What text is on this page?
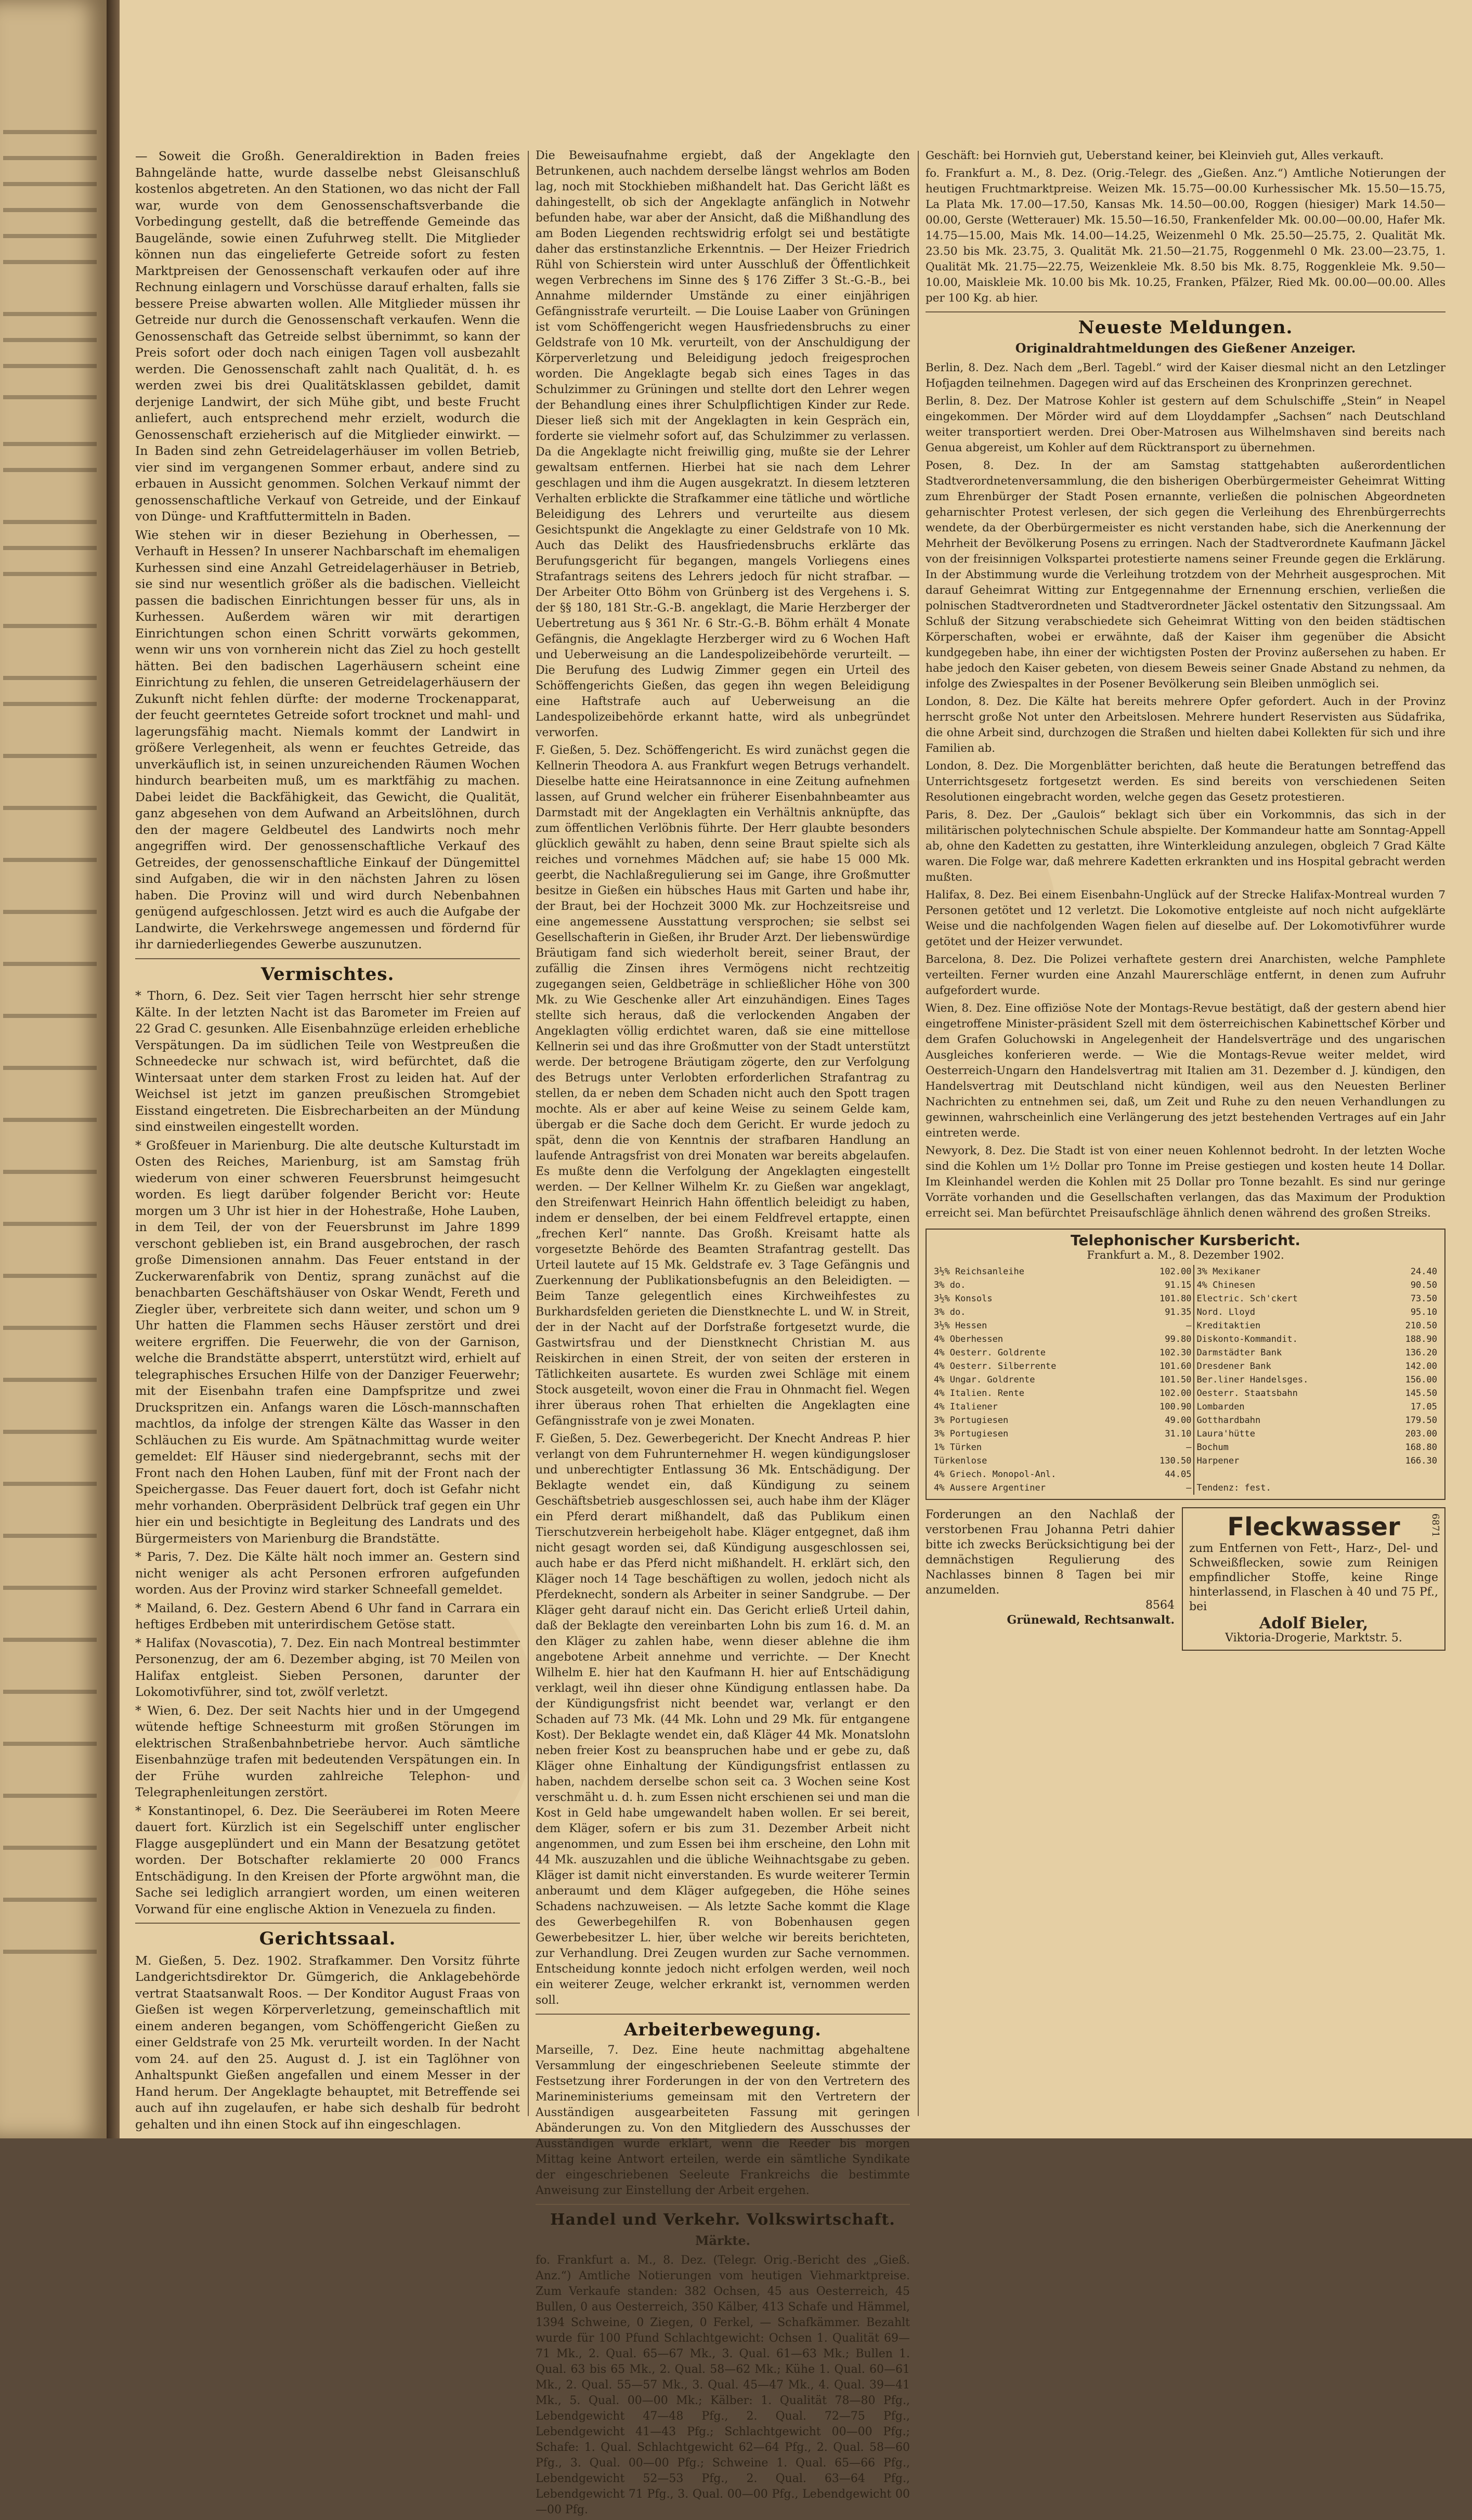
— Soweit die Großh. Generaldirektion in Baden freies Bahngelände hatte, wurde dasselbe nebst Gleisanschluß kostenlos abgetreten. An den Stationen, wo das nicht der Fall war, wurde von dem Genossenschaftsverbande die Vorbedingung gestellt, daß die betreffende Gemeinde das Baugelände, sowie einen Zufuhrweg stellt. Die Mitglieder können nun das eingelieferte Getreide sofort zu festen Marktpreisen der Genossenschaft verkaufen oder auf ihre Rechnung einlagern und Vorschüsse darauf erhalten, falls sie bessere Preise abwarten wollen. Alle Mitglieder müssen ihr Getreide nur durch die Genossenschaft verkaufen. Wenn die Genossenschaft das Getreide selbst übernimmt, so kann der Preis sofort oder doch nach einigen Tagen voll ausbezahlt werden. Die Genossenschaft zahlt nach Qualität, d. h. es werden zwei bis drei Qualitätsklassen gebildet, damit derjenige Landwirt, der sich Mühe gibt, und beste Frucht anliefert, auch entsprechend mehr erzielt, wodurch die Genossenschaft erzieherisch auf die Mitglieder einwirkt. — In Baden sind zehn Getreidelagerhäuser im vollen Betrieb, vier sind im vergangenen Sommer erbaut, andere sind zu erbauen in Aussicht genommen. Solchen Verkauf nimmt der genossenschaftliche Verkauf von Getreide, und der Einkauf von Dünge- und Kraftfuttermitteln in Baden.

Wie stehen wir in dieser Beziehung in Oberhessen, — Verhauft in Hessen? In unserer Nachbarschaft im ehemaligen Kurhessen sind eine Anzahl Getreidelagerhäuser in Betrieb, sie sind nur wesentlich größer als die badischen. Vielleicht passen die badischen Einrichtungen besser für uns, als in Kurhessen. Außerdem wären wir mit derartigen Einrichtungen schon einen Schritt vorwärts gekommen, wenn wir uns von vornherein nicht das Ziel zu hoch gestellt hätten. Bei den badischen Lagerhäusern scheint eine Einrichtung zu fehlen, die unseren Getreidelagerhäusern der Zukunft nicht fehlen dürfte: der moderne Trockenapparat, der feucht geerntetes Getreide sofort trocknet und mahl- und lagerungsfähig macht. Niemals kommt der Landwirt in größere Verlegenheit, als wenn er feuchtes Getreide, das unverkäuflich ist, in seinen unzureichenden Räumen Wochen hindurch bearbeiten muß, um es marktfähig zu machen. Dabei leidet die Backfähigkeit, das Gewicht, die Qualität, ganz abgesehen von dem Aufwand an Arbeitslöhnen, durch den der magere Geldbeutel des Landwirts noch mehr angegriffen wird. Der genossenschaftliche Verkauf des Getreides, der genossenschaftliche Einkauf der Düngemittel sind Aufgaben, die wir in den nächsten Jahren zu lösen haben. Die Provinz will und wird durch Nebenbahnen genügend aufgeschlossen. Jetzt wird es auch die Aufgabe der Landwirte, die Verkehrswege angemessen und fördernd für ihr darniederliegendes Gewerbe auszunutzen.

Vermischtes.

* Thorn, 6. Dez. Seit vier Tagen herrscht hier sehr strenge Kälte. In der letzten Nacht ist das Barometer im Freien auf 22 Grad C. gesunken. Alle Eisenbahnzüge erleiden erhebliche Verspätungen. Da im südlichen Teile von Westpreußen die Schneedecke nur schwach ist, wird befürchtet, daß die Wintersaat unter dem starken Frost zu leiden hat. Auf der Weichsel ist jetzt im ganzen preußischen Stromgebiet Eisstand eingetreten. Die Eisbrecharbeiten an der Mündung sind einstweilen eingestellt worden.

* Großfeuer in Marienburg. Die alte deutsche Kulturstadt im Osten des Reiches, Marienburg, ist am Samstag früh wiederum von einer schweren Feuersbrunst heimgesucht worden. Es liegt darüber folgender Bericht vor: Heute morgen um 3 Uhr ist hier in der Hohestraße, Hohe Lauben, in dem Teil, der von der Feuersbrunst im Jahre 1899 verschont geblieben ist, ein Brand ausgebrochen, der rasch große Dimensionen annahm. Das Feuer entstand in der Zuckerwarenfabrik von Dentiz, sprang zunächst auf die benachbarten Geschäftshäuser von Oskar Wendt, Fereth und Ziegler über, verbreitete sich dann weiter, und schon um 9 Uhr hatten die Flammen sechs Häuser zerstört und drei weitere ergriffen. Die Feuerwehr, die von der Garnison, welche die Brandstätte absperrt, unterstützt wird, erhielt auf telegraphisches Ersuchen Hilfe von der Danziger Feuerwehr; mit der Eisenbahn trafen eine Dampfspritze und zwei Druckspritzen ein. Anfangs waren die Lösch-mannschaften machtlos, da infolge der strengen Kälte das Wasser in den Schläuchen zu Eis wurde. Am Spätnachmittag wurde weiter gemeldet: Elf Häuser sind niedergebrannt, sechs mit der Front nach den Hohen Lauben, fünf mit der Front nach der Speichergasse. Das Feuer dauert fort, doch ist Gefahr nicht mehr vorhanden. Oberpräsident Delbrück traf gegen ein Uhr hier ein und besichtigte in Begleitung des Landrats und des Bürgermeisters von Marienburg die Brandstätte.

* Paris, 7. Dez. Die Kälte hält noch immer an. Gestern sind nicht weniger als acht Personen erfroren aufgefunden worden. Aus der Provinz wird starker Schneefall gemeldet.

* Mailand, 6. Dez. Gestern Abend 6 Uhr fand in Carrara ein heftiges Erdbeben mit unterirdischem Getöse statt.

* Halifax (Novascotia), 7. Dez. Ein nach Montreal bestimmter Personenzug, der am 6. Dezember abging, ist 70 Meilen von Halifax entgleist. Sieben Personen, darunter der Lokomotivführer, sind tot, zwölf verletzt.

* Wien, 6. Dez. Der seit Nachts hier und in der Umgegend wütende heftige Schneesturm mit großen Störungen im elektrischen Straßenbahnbetriebe hervor. Auch sämtliche Eisenbahnzüge trafen mit bedeutenden Verspätungen ein. In der Frühe wurden zahlreiche Telephon- und Telegraphenleitungen zerstört.

* Konstantinopel, 6. Dez. Die Seeräuberei im Roten Meere dauert fort. Kürzlich ist ein Segelschiff unter englischer Flagge ausgeplündert und ein Mann der Besatzung getötet worden. Der Botschafter reklamierte 20 000 Francs Entschädigung. In den Kreisen der Pforte argwöhnt man, die Sache sei lediglich arrangiert worden, um einen weiteren Vorwand für eine englische Aktion in Venezuela zu finden.

Gerichtssaal.

M. Gießen, 5. Dez. 1902. Strafkammer. Den Vorsitz führte Landgerichtsdirektor Dr. Gümgerich, die Anklagebehörde vertrat Staatsanwalt Roos. — Der Konditor August Fraas von Gießen ist wegen Körperverletzung, gemeinschaftlich mit einem anderen begangen, vom Schöffengericht Gießen zu einer Geldstrafe von 25 Mk. verurteilt worden. In der Nacht vom 24. auf den 25. August d. J. ist ein Taglöhner von Anhaltspunkt Gießen angefallen und einem Messer in der Hand herum. Der Angeklagte behauptet, mit Betreffende sei auch auf ihn zugelaufen, er habe sich deshalb für bedroht gehalten und ihn einen Stock auf ihn eingeschlagen.

Die Beweisaufnahme ergiebt, daß der Angeklagte den Betrunkenen, auch nachdem derselbe längst wehrlos am Boden lag, noch mit Stockhieben mißhandelt hat. Das Gericht läßt es dahingestellt, ob sich der Angeklagte anfänglich in Notwehr befunden habe, war aber der Ansicht, daß die Mißhandlung des am Boden Liegenden rechtswidrig erfolgt sei und bestätigte daher das erstinstanzliche Erkenntnis. — Der Heizer Friedrich Rühl von Schierstein wird unter Ausschluß der Öffentlichkeit wegen Verbrechens im Sinne des § 176 Ziffer 3 St.-G.-B., bei Annahme mildernder Umstände zu einer einjährigen Gefängnisstrafe verurteilt. — Die Louise Laaber von Grüningen ist vom Schöffengericht wegen Hausfriedensbruchs zu einer Geldstrafe von 10 Mk. verurteilt, von der Anschuldigung der Körperverletzung und Beleidigung jedoch freigesprochen worden. Die Angeklagte begab sich eines Tages in das Schulzimmer zu Grüningen und stellte dort den Lehrer wegen der Behandlung eines ihrer Schulpflichtigen Kinder zur Rede. Dieser ließ sich mit der Angeklagten in kein Gespräch ein, forderte sie vielmehr sofort auf, das Schulzimmer zu verlassen. Da die Angeklagte nicht freiwillig ging, mußte sie der Lehrer gewaltsam entfernen. Hierbei hat sie nach dem Lehrer geschlagen und ihm die Augen ausgekratzt. In diesem letzteren Verhalten erblickte die Strafkammer eine tätliche und wörtliche Beleidigung des Lehrers und verurteilte aus diesem Gesichtspunkt die Angeklagte zu einer Geldstrafe von 10 Mk. Auch das Delikt des Hausfriedensbruchs erklärte das Berufungsgericht für begangen, mangels Vorliegens eines Strafantrags seitens des Lehrers jedoch für nicht strafbar. — Der Arbeiter Otto Böhm von Grünberg ist des Vergehens i. S. der §§ 180, 181 Str.-G.-B. angeklagt, die Marie Herzberger der Uebertretung aus § 361 Nr. 6 Str.-G.-B. Böhm erhält 4 Monate Gefängnis, die Angeklagte Herzberger wird zu 6 Wochen Haft und Ueberweisung an die Landespolizeibehörde verurteilt. — Die Berufung des Ludwig Zimmer gegen ein Urteil des Schöffengerichts Gießen, das gegen ihn wegen Beleidigung eine Haftstrafe auch auf Ueberweisung an die Landespolizeibehörde erkannt hatte, wird als unbegründet verworfen.

F. Gießen, 5. Dez. Schöffengericht. Es wird zunächst gegen die Kellnerin Theodora A. aus Frankfurt wegen Betrugs verhandelt. Dieselbe hatte eine Heiratsannonce in eine Zeitung aufnehmen lassen, auf Grund welcher ein früherer Eisenbahnbeamter aus Darmstadt mit der Angeklagten ein Verhältnis anknüpfte, das zum öffentlichen Verlöbnis führte. Der Herr glaubte besonders glücklich gewählt zu haben, denn seine Braut spielte sich als reiches und vornehmes Mädchen auf; sie habe 15 000 Mk. geerbt, die Nachlaßregulierung sei im Gange, ihre Großmutter besitze in Gießen ein hübsches Haus mit Garten und habe ihr, der Braut, bei der Hochzeit 3000 Mk. zur Hochzeitsreise und eine angemessene Ausstattung versprochen; sie selbst sei Gesellschafterin in Gießen, ihr Bruder Arzt. Der liebenswürdige Bräutigam fand sich wiederholt bereit, seiner Braut, der zufällig die Zinsen ihres Vermögens nicht rechtzeitig zugegangen seien, Geldbeträge in schließlicher Höhe von 300 Mk. zu Wie Geschenke aller Art einzuhändigen. Eines Tages stellte sich heraus, daß die verlockenden Angaben der Angeklagten völlig erdichtet waren, daß sie eine mittellose Kellnerin sei und das ihre Großmutter von der Stadt unterstützt werde. Der betrogene Bräutigam zögerte, den zur Verfolgung des Betrugs unter Verlobten erforderlichen Strafantrag zu stellen, da er neben dem Schaden nicht auch den Spott tragen mochte. Als er aber auf keine Weise zu seinem Gelde kam, übergab er die Sache doch dem Gericht. Er wurde jedoch zu spät, denn die von Kenntnis der strafbaren Handlung an laufende Antragsfrist von drei Monaten war bereits abgelaufen. Es mußte denn die Verfolgung der Angeklagten eingestellt werden. — Der Kellner Wilhelm Kr. zu Gießen war angeklagt, den Streifenwart Heinrich Hahn öffentlich beleidigt zu haben, indem er denselben, der bei einem Feldfrevel ertappte, einen „frechen Kerl“ nannte. Das Großh. Kreisamt hatte als vorgesetzte Behörde des Beamten Strafantrag gestellt. Das Urteil lautete auf 15 Mk. Geldstrafe ev. 3 Tage Gefängnis und Zuerkennung der Publikationsbefugnis an den Beleidigten. — Beim Tanze gelegentlich eines Kirchweihfestes zu Burkhardsfelden gerieten die Dienstknechte L. und W. in Streit, der in der Nacht auf der Dorfstraße fortgesetzt wurde, die Gastwirtsfrau und der Dienstknecht Christian M. aus Reiskirchen in einen Streit, der von seiten der ersteren in Tätlichkeiten ausartete. Es wurden zwei Schläge mit einem Stock ausgeteilt, wovon einer die Frau in Ohnmacht fiel. Wegen ihrer überaus rohen That erhielten die Angeklagten eine Gefängnisstrafe von je zwei Monaten.

F. Gießen, 5. Dez. Gewerbegericht. Der Knecht Andreas P. hier verlangt von dem Fuhrunternehmer H. wegen kündigungsloser und unberechtigter Entlassung 36 Mk. Entschädigung. Der Beklagte wendet ein, daß Kündigung zu seinem Geschäftsbetrieb ausgeschlossen sei, auch habe ihm der Kläger ein Pferd derart mißhandelt, daß das Publikum einen Tierschutzverein herbeigeholt habe. Kläger entgegnet, daß ihm nicht gesagt worden sei, daß Kündigung ausgeschlossen sei, auch habe er das Pferd nicht mißhandelt. H. erklärt sich, den Kläger noch 14 Tage beschäftigen zu wollen, jedoch nicht als Pferdeknecht, sondern als Arbeiter in seiner Sandgrube. — Der Kläger geht darauf nicht ein. Das Gericht erließ Urteil dahin, daß der Beklagte den vereinbarten Lohn bis zum 16. d. M. an den Kläger zu zahlen habe, wenn dieser ablehne die ihm angebotene Arbeit annehme und verrichte. — Der Knecht Wilhelm E. hier hat den Kaufmann H. hier auf Entschädigung verklagt, weil ihn dieser ohne Kündigung entlassen habe. Da der Kündigungsfrist nicht beendet war, verlangt er den Schaden auf 73 Mk. (44 Mk. Lohn und 29 Mk. für entgangene Kost). Der Beklagte wendet ein, daß Kläger 44 Mk. Monatslohn neben freier Kost zu beanspruchen habe und er gebe zu, daß Kläger ohne Einhaltung der Kündigungsfrist entlassen zu haben, nachdem derselbe schon seit ca. 3 Wochen seine Kost verschmäht u. d. h. zum Essen nicht erschienen sei und man die Kost in Geld habe umgewandelt haben wollen. Er sei bereit, dem Kläger, sofern er bis zum 31. Dezember Arbeit nicht angenommen, und zum Essen bei ihm erscheine, den Lohn mit 44 Mk. auszuzahlen und die übliche Weihnachtsgabe zu geben. Kläger ist damit nicht einverstanden. Es wurde weiterer Termin anberaumt und dem Kläger aufgegeben, die Höhe seines Schadens nachzuweisen. — Als letzte Sache kommt die Klage des Gewerbegehilfen R. von Bobenhausen gegen Gewerbebesitzer L. hier, über welche wir bereits berichteten, zur Verhandlung. Drei Zeugen wurden zur Sache vernommen. Entscheidung konnte jedoch nicht erfolgen werden, weil noch ein weiterer Zeuge, welcher erkrankt ist, vernommen werden soll.

Arbeiterbewegung.

Marseille, 7. Dez. Eine heute nachmittag abgehaltene Versammlung der eingeschriebenen Seeleute stimmte der Festsetzung ihrer Forderungen in der von den Vertretern des Marineministeriums gemeinsam mit den Vertretern der Ausständigen ausgearbeiteten Fassung mit geringen Abänderungen zu. Von den Mitgliedern des Ausschusses der Ausständigen wurde erklärt, wenn die Reeder bis morgen Mittag keine Antwort erteilen, werde ein sämtliche Syndikate der eingeschriebenen Seeleute Frankreichs die bestimmte Anweisung zur Einstellung der Arbeit ergehen.

Handel und Verkehr. Volkswirtschaft.
Märkte.

fo. Frankfurt a. M., 8. Dez. (Telegr. Orig.-Bericht des „Gieß. Anz.“) Amtliche Notierungen vom heutigen Viehmarktpreise. Zum Verkaufe standen: 382 Ochsen, 45 aus Oesterreich, 45 Bullen, 0 aus Oesterreich, 350 Kälber, 413 Schafe und Hämmel, 1394 Schweine, 0 Ziegen, 0 Ferkel, — Schafkämmer. Bezahlt wurde für 100 Pfund Schlachtgewicht: Ochsen 1. Qualität 69—71 Mk., 2. Qual. 65—67 Mk., 3. Qual. 61—63 Mk.; Bullen 1. Qual. 63 bis 65 Mk., 2. Qual. 58—62 Mk.; Kühe 1. Qual. 60—61 Mk., 2. Qual. 55—57 Mk., 3. Qual. 45—47 Mk., 4. Qual. 39—41 Mk., 5. Qual. 00—00 Mk.; Kälber: 1. Qualität 78—80 Pfg., Lebendgewicht 47—48 Pfg., 2. Qual. 72—75 Pfg., Lebendgewicht 41—43 Pfg.; Schlachtgewicht 00—00 Pfg.; Schafe: 1. Qual. Schlachtgewicht 62—64 Pfg., 2. Qual. 58—60 Pfg., 3. Qual. 00—00 Pfg.; Schweine 1. Qual. 65—66 Pfg., Lebendgewicht 52—53 Pfg., 2. Qual. 63—64 Pfg., Lebendgewicht 71 Pfg., 3. Qual. 00—00 Pfg., Lebendgewicht 00—00 Pfg.

Geschäft: bei Hornvieh gut, Ueberstand keiner, bei Kleinvieh gut, Alles verkauft.

fo. Frankfurt a. M., 8. Dez. (Orig.-Telegr. des „Gießen. Anz.“) Amtliche Notierungen der heutigen Fruchtmarktpreise. Weizen Mk. 15.75—00.00 Kurhessischer Mk. 15.50—15.75, La Plata Mk. 17.00—17.50, Kansas Mk. 14.50—00.00, Roggen (hiesiger) Mark 14.50—00.00, Gerste (Wetterauer) Mk. 15.50—16.50, Frankenfelder Mk. 00.00—00.00, Hafer Mk. 14.75—15.00, Mais Mk. 14.00—14.25, Weizenmehl 0 Mk. 25.50—25.75, 2. Qualität Mk. 23.50 bis Mk. 23.75, 3. Qualität Mk. 21.50—21.75, Roggenmehl 0 Mk. 23.00—23.75, 1. Qualität Mk. 21.75—22.75, Weizenkleie Mk. 8.50 bis Mk. 8.75, Roggenkleie Mk. 9.50—10.00, Maiskleie Mk. 10.00 bis Mk. 10.25, Franken, Pfälzer, Ried Mk. 00.00—00.00. Alles per 100 Kg. ab hier.

Neueste Meldungen.
Originaldrahtmeldungen des Gießener Anzeiger.

Berlin, 8. Dez. Nach dem „Berl. Tagebl.“ wird der Kaiser diesmal nicht an den Letzlinger Hofjagden teilnehmen. Dagegen wird auf das Erscheinen des Kronprinzen gerechnet.

Berlin, 8. Dez. Der Matrose Kohler ist gestern auf dem Schulschiffe „Stein“ in Neapel eingekommen. Der Mörder wird auf dem Lloyddampfer „Sachsen“ nach Deutschland weiter transportiert werden. Drei Ober-Matrosen aus Wilhelmshaven sind bereits nach Genua abgereist, um Kohler auf dem Rücktransport zu übernehmen.

Posen, 8. Dez. In der am Samstag stattgehabten außerordentlichen Stadtverordnetenversammlung, die den bisherigen Oberbürgermeister Geheimrat Witting zum Ehrenbürger der Stadt Posen ernannte, verließen die polnischen Abgeordneten geharnischter Protest verlesen, der sich gegen die Verleihung des Ehrenbürgerrechts wendete, da der Oberbürgermeister es nicht verstanden habe, sich die Anerkennung der Mehrheit der Bevölkerung Posens zu erringen. Nach der Stadtverordnete Kaufmann Jäckel von der freisinnigen Volkspartei protestierte namens seiner Freunde gegen die Erklärung. In der Abstimmung wurde die Verleihung trotzdem von der Mehrheit ausgesprochen. Mit darauf Geheimrat Witting zur Entgegennahme der Ernennung erschien, verließen die polnischen Stadtverordneten und Stadtverordneter Jäckel ostentativ den Sitzungssaal. Am Schluß der Sitzung verabschiedete sich Geheimrat Witting von den beiden städtischen Körperschaften, wobei er erwähnte, daß der Kaiser ihm gegenüber die Absicht kundgegeben habe, ihn einer der wichtigsten Posten der Provinz außersehen zu haben. Er habe jedoch den Kaiser gebeten, von diesem Beweis seiner Gnade Abstand zu nehmen, da infolge des Zwiespaltes in der Posener Bevölkerung sein Bleiben unmöglich sei.

London, 8. Dez. Die Kälte hat bereits mehrere Opfer gefordert. Auch in der Provinz herrscht große Not unter den Arbeitslosen. Mehrere hundert Reservisten aus Südafrika, die ohne Arbeit sind, durchzogen die Straßen und hielten dabei Kollekten für sich und ihre Familien ab.

London, 8. Dez. Die Morgenblätter berichten, daß heute die Beratungen betreffend das Unterrichtsgesetz fortgesetzt werden. Es sind bereits von verschiedenen Seiten Resolutionen eingebracht worden, welche gegen das Gesetz protestieren.

Paris, 8. Dez. Der „Gaulois“ beklagt sich über ein Vorkommnis, das sich in der militärischen polytechnischen Schule abspielte. Der Kommandeur hatte am Sonntag-Appell ab, ohne den Kadetten zu gestatten, ihre Winterkleidung anzulegen, obgleich 7 Grad Kälte waren. Die Folge war, daß mehrere Kadetten erkrankten und ins Hospital gebracht werden mußten.

Halifax, 8. Dez. Bei einem Eisenbahn-Unglück auf der Strecke Halifax-Montreal wurden 7 Personen getötet und 12 verletzt. Die Lokomotive entgleiste auf noch nicht aufgeklärte Weise und die nachfolgenden Wagen fielen auf dieselbe auf. Der Lokomotivführer wurde getötet und der Heizer verwundet.

Barcelona, 8. Dez. Die Polizei verhaftete gestern drei Anarchisten, welche Pamphlete verteilten. Ferner wurden eine Anzahl Maurerschläge entfernt, in denen zum Aufruhr aufgefordert wurde.

Wien, 8. Dez. Eine offiziöse Note der Montags-Revue bestätigt, daß der gestern abend hier eingetroffene Minister-präsident Szell mit dem österreichischen Kabinettschef Körber und dem Grafen Goluchowski in Angelegenheit der Handelsverträge und des ungarischen Ausgleiches konferieren werde. — Wie die Montags-Revue weiter meldet, wird Oesterreich-Ungarn den Handelsvertrag mit Italien am 31. Dezember d. J. kündigen, den Handelsvertrag mit Deutschland nicht kündigen, weil aus den Neuesten Berliner Nachrichten zu entnehmen sei, daß, um Zeit und Ruhe zu den neuen Verhandlungen zu gewinnen, wahrscheinlich eine Verlängerung des jetzt bestehenden Vertrages auf ein Jahr eintreten werde.

Newyork, 8. Dez. Die Stadt ist von einer neuen Kohlennot bedroht. In der letzten Woche sind die Kohlen um 1½ Dollar pro Tonne im Preise gestiegen und kosten heute 14 Dollar. Im Kleinhandel werden die Kohlen mit 25 Dollar pro Tonne bezahlt. Es sind nur geringe Vorräte vorhanden und die Gesellschaften verlangen, das das Maximum der Produktion erreicht sei. Man befürchtet Preisaufschläge ähnlich denen während des großen Streiks.

Telephonischer Kursbericht.
Frankfurt a. M., 8. Dezember 1902.
3½% Reichsanleihe	102.00	3% Mexikaner	24.40
3% do.	91.15	4% Chinesen	90.50
3½% Konsols	101.80	Electric. Sch'ckert	73.50
3% do.	91.35	Nord. Lloyd	95.10
3½% Hessen	—	Kreditaktien	210.50
4% Oberhessen	99.80	Diskonto-Kommandit.	188.90
4% Oesterr. Goldrente	102.30	Darmstädter Bank	136.20
4% Oesterr. Silberrente	101.60	Dresdener Bank	142.00
4% Ungar. Goldrente	101.50	Ber.liner Handelsges.	156.00
4% Italien. Rente	102.00	Oesterr. Staatsbahn	145.50
4% Italiener	100.90	Lombarden	17.05
3% Portugiesen	49.00	Gotthardbahn	179.50
3% Portugiesen	31.10	Laura'hütte	203.00
1% Türken	—	Bochum	168.80
Türkenlose	130.50	Harpener	166.30
4% Griech. Monopol-Anl.	44.05		
4% Aussere Argentiner	—	Tendenz: fest.	
Forderungen an den Nachlaß der verstorbenen Frau Johanna Petri dahier bitte ich zwecks Berücksichtigung bei der demnächstigen Regulierung des Nachlasses binnen 8 Tagen bei mir anzumelden.
8564
Grünewald, Rechtsanwalt.
Fleckwasser	6871
zum Entfernen von Fett-, Harz-, Del- und Schweißflecken, sowie zum Reinigen empfindlicher Stoffe, keine Ringe hinterlassend, in Flaschen à 40 und 75 Pf., bei
Adolf Bieler,
Viktoria-Drogerie, Marktstr. 5.
